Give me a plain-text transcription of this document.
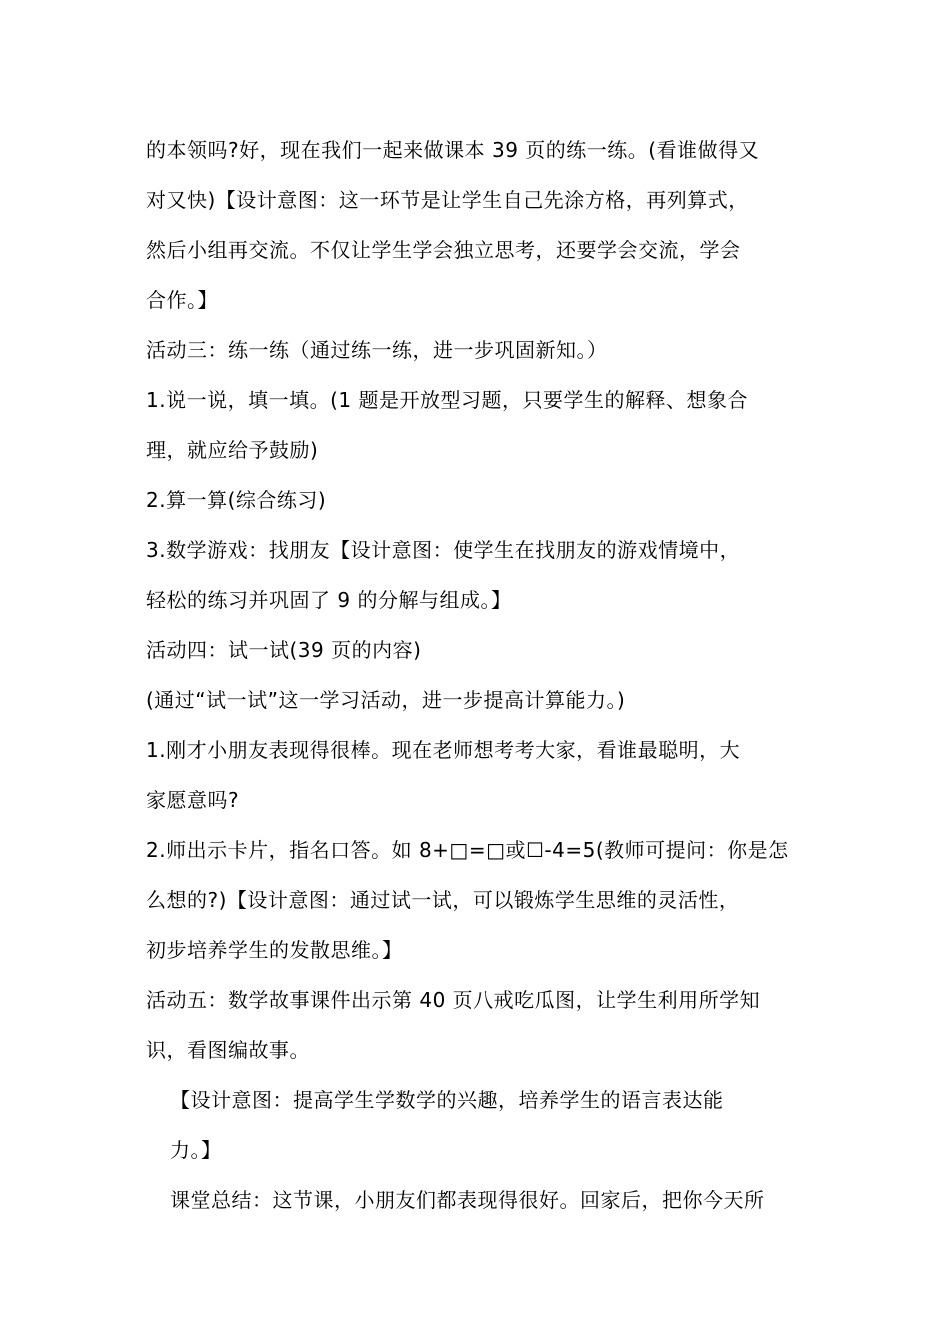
的本领吗?好，现在我们一起来做课本 39 页的练一练。(看谁做得又
对又快)【设计意图：这一环节是让学生自己先涂方格，再列算式，
然后小组再交流。不仅让学生学会独立思考，还要学会交流，学会
合作。】
活动三：练一练（通过练一练，进一步巩固新知。）
1.说一说，填一填。(1 题是开放型习题，只要学生的解释、想象合
理，就应给予鼓励)
2.算一算(综合练习)
3.数学游戏：找朋友【设计意图：使学生在找朋友的游戏情境中，
轻松的练习并巩固了 9 的分解与组成。】
活动四：试一试(39 页的内容)
(通过“试一试”这一学习活动，进一步提高计算能力。)
1.刚才小朋友表现得很棒。现在老师想考考大家，看谁最聪明，大
家愿意吗?
2.师出示卡片，指名口答。如 8+□=□或☐-4=5(教师可提问：你是怎
么想的?)【设计意图：通过试一试，可以锻炼学生思维的灵活性，
初步培养学生的发散思维。】
活动五：数学故事课件出示第 40 页八戒吃瓜图，让学生利用所学知
识，看图编故事。
【设计意图：提高学生学数学的兴趣，培养学生的语言表达能
力。】
课堂总结：这节课，小朋友们都表现得很好。回家后，把你今天所
